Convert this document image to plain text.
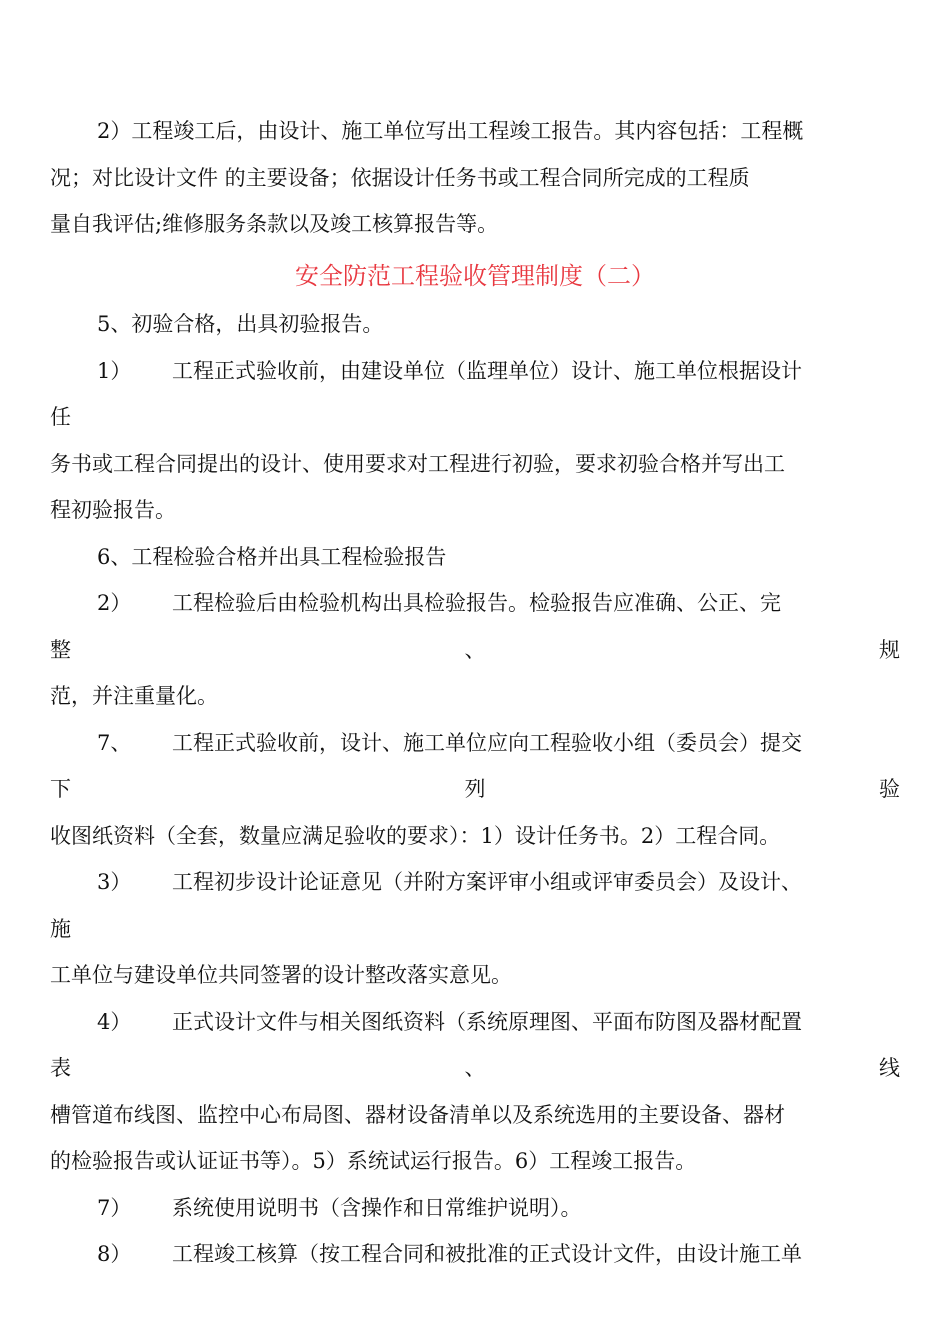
2）工程竣工后，由设计、施工单位写出工程竣工报告。其内容包括：工程概
况；对比设计文件 的主要设备；依据设计任务书或工程合同所完成的工程质
量自我评估;维修服务条款以及竣工核算报告等。
安全防范工程验收管理制度（二）
5、初验合格，出具初验报告。
1） 工程正式验收前，由建设单位（监理单位）设计、施工单位根据设计
任
务书或工程合同提出的设计、使用要求对工程进行初验，要求初验合格并写出工
程初验报告。
6、工程检验合格并出具工程检验报告
2） 工程检验后由检验机构出具检验报告。检验报告应准确、公正、完
整	、	规
范，并注重量化。
7、 工程正式验收前，设计、施工单位应向工程验收小组（委员会）提交
下	列	验
收图纸资料（全套，数量应满足验收的要求）：1）设计任务书。2）工程合同。
3） 工程初步设计论证意见（并附方案评审小组或评审委员会）及设计、
施
工单位与建设单位共同签署的设计整改落实意见。
4） 正式设计文件与相关图纸资料（系统原理图、平面布防图及器材配置
表	、	线
槽管道布线图、监控中心布局图、器材设备清单以及系统选用的主要设备、器材
的检验报告或认证证书等）。5）系统试运行报告。6）工程竣工报告。
7） 系统使用说明书（含操作和日常维护说明）。
8） 工程竣工核算（按工程合同和被批准的正式设计文件，由设计施工单
